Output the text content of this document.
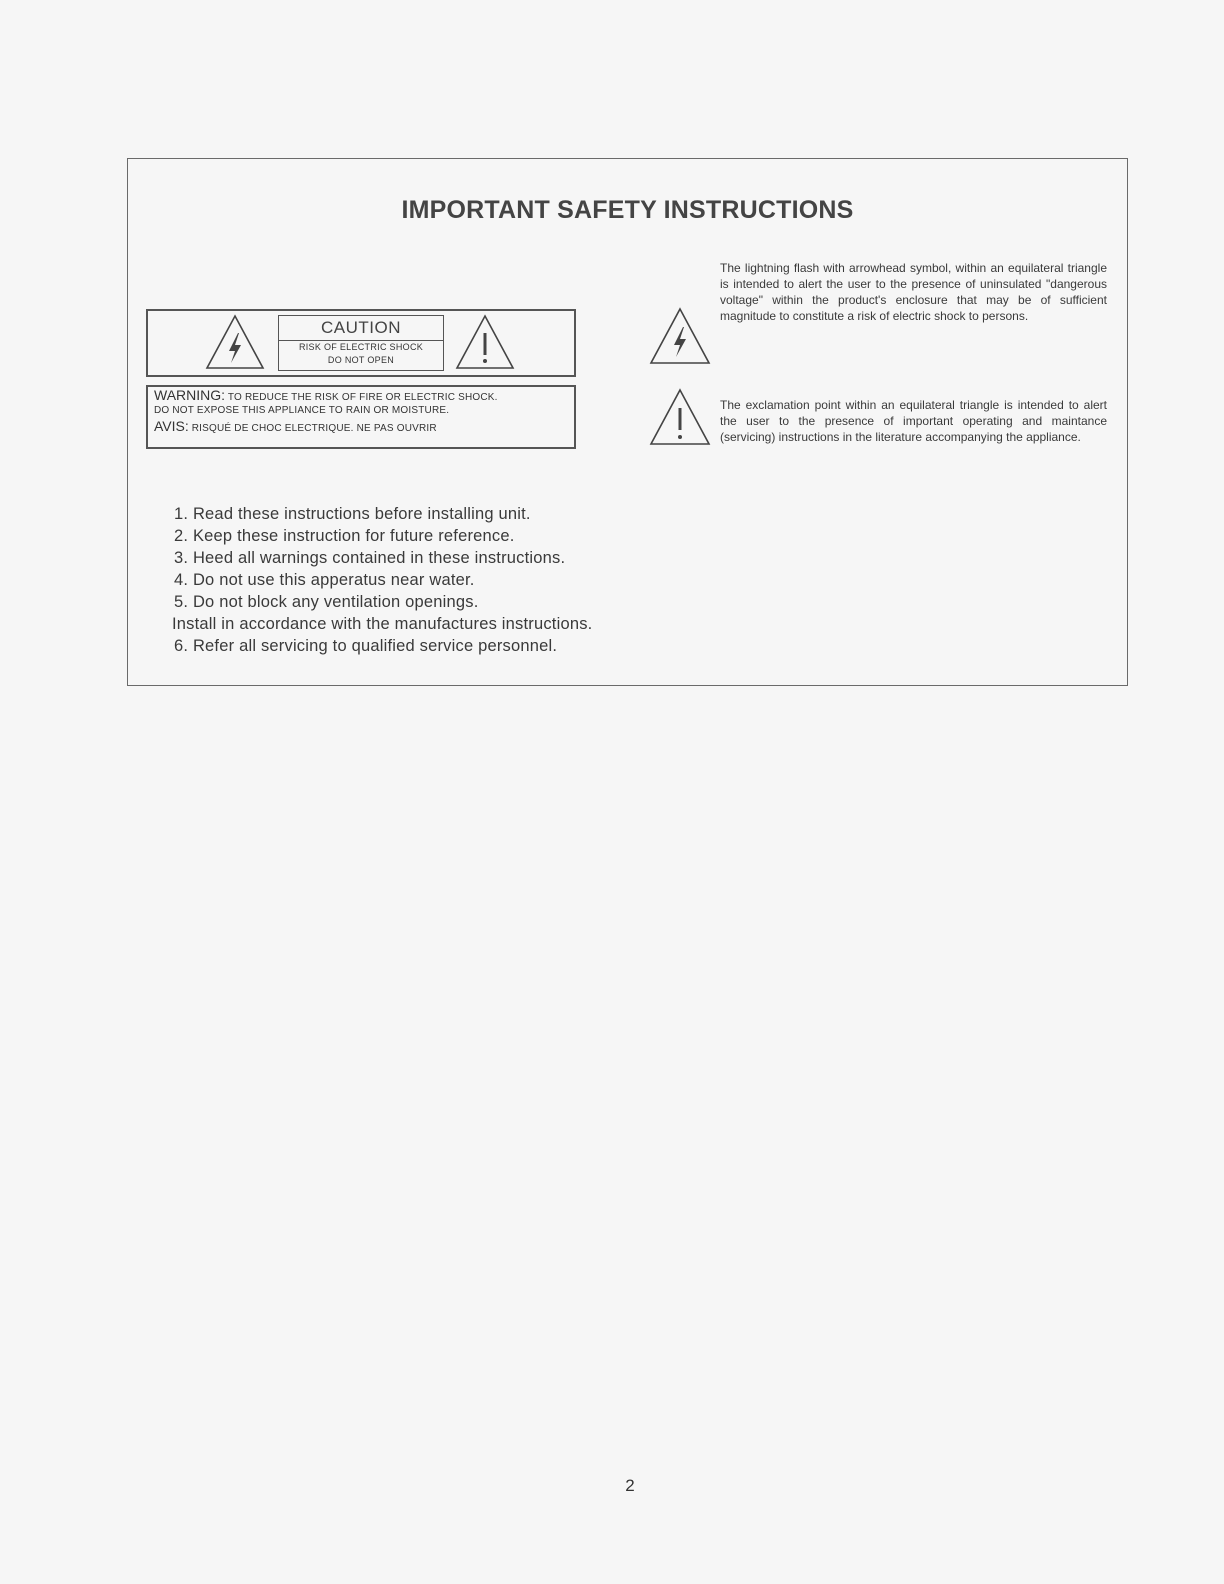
IMPORTANT SAFETY INSTRUCTIONS
CAUTION
RISK OF ELECTRIC SHOCK
DO NOT OPEN
WARNING: TO REDUCE THE RISK OF FIRE OR ELECTRIC SHOCK.
DO NOT EXPOSE THIS APPLIANCE TO RAIN OR MOISTURE.
AVIS: RISQUÉ DE CHOC ELECTRIQUE. NE PAS OUVRIR
The lightning flash with arrowhead symbol, within an equilateral triangle is intended to alert the user to the presence of uninsulated "dangerous voltage" within the product's enclosure that may be of sufficient magnitude to constitute a risk of electric shock to persons.
The exclamation point within an equilateral triangle is intended to alert the user to the presence of important operating and maintance (servicing) instructions in the literature accompanying the appliance.
1. Read these instructions before installing unit.
2. Keep these instruction for future reference.
3. Heed all warnings contained in these instructions.
4. Do not use this apperatus near water.
5. Do not block any ventilation openings.
Install in accordance with the manufactures instructions.
6. Refer all servicing to qualified service personnel.
2
